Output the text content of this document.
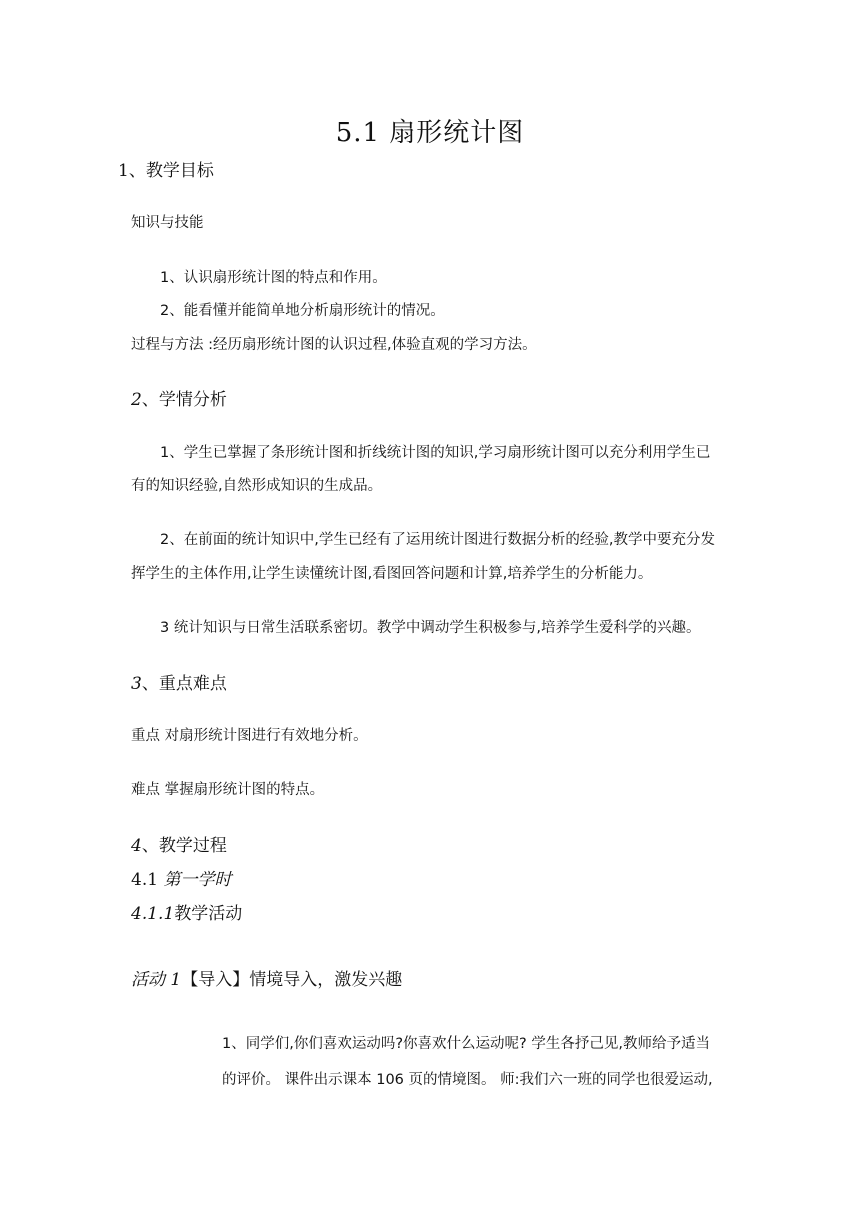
5.1 扇形统计图
1、教学目标
知识与技能
1、认识扇形统计图的特点和作用。
2、能看懂并能简单地分析扇形统计的情况。
过程与方法 :经历扇形统计图的认识过程,体验直观的学习方法。
2、学情分析
1、学生已掌握了条形统计图和折线统计图的知识,学习扇形统计图可以充分利用学生已
有的知识经验,自然形成知识的生成品。
2、在前面的统计知识中,学生已经有了运用统计图进行数据分析的经验,教学中要充分发
挥学生的主体作用,让学生读懂统计图,看图回答问题和计算,培养学生的分析能力。
3 统计知识与日常生活联系密切。教学中调动学生积极参与,培养学生爱科学的兴趣。
3、重点难点
重点 对扇形统计图进行有效地分析。
难点 掌握扇形统计图的特点。
4、教学过程
4.1 第一学时
4.1.1教学活动
活动 1【导入】情境导入，激发兴趣
1、同学们,你们喜欢运动吗?你喜欢什么运动呢? 学生各抒己见,教师给予适当
的评价。 课件出示课本 106 页的情境图。 师:我们六一班的同学也很爱运动,
